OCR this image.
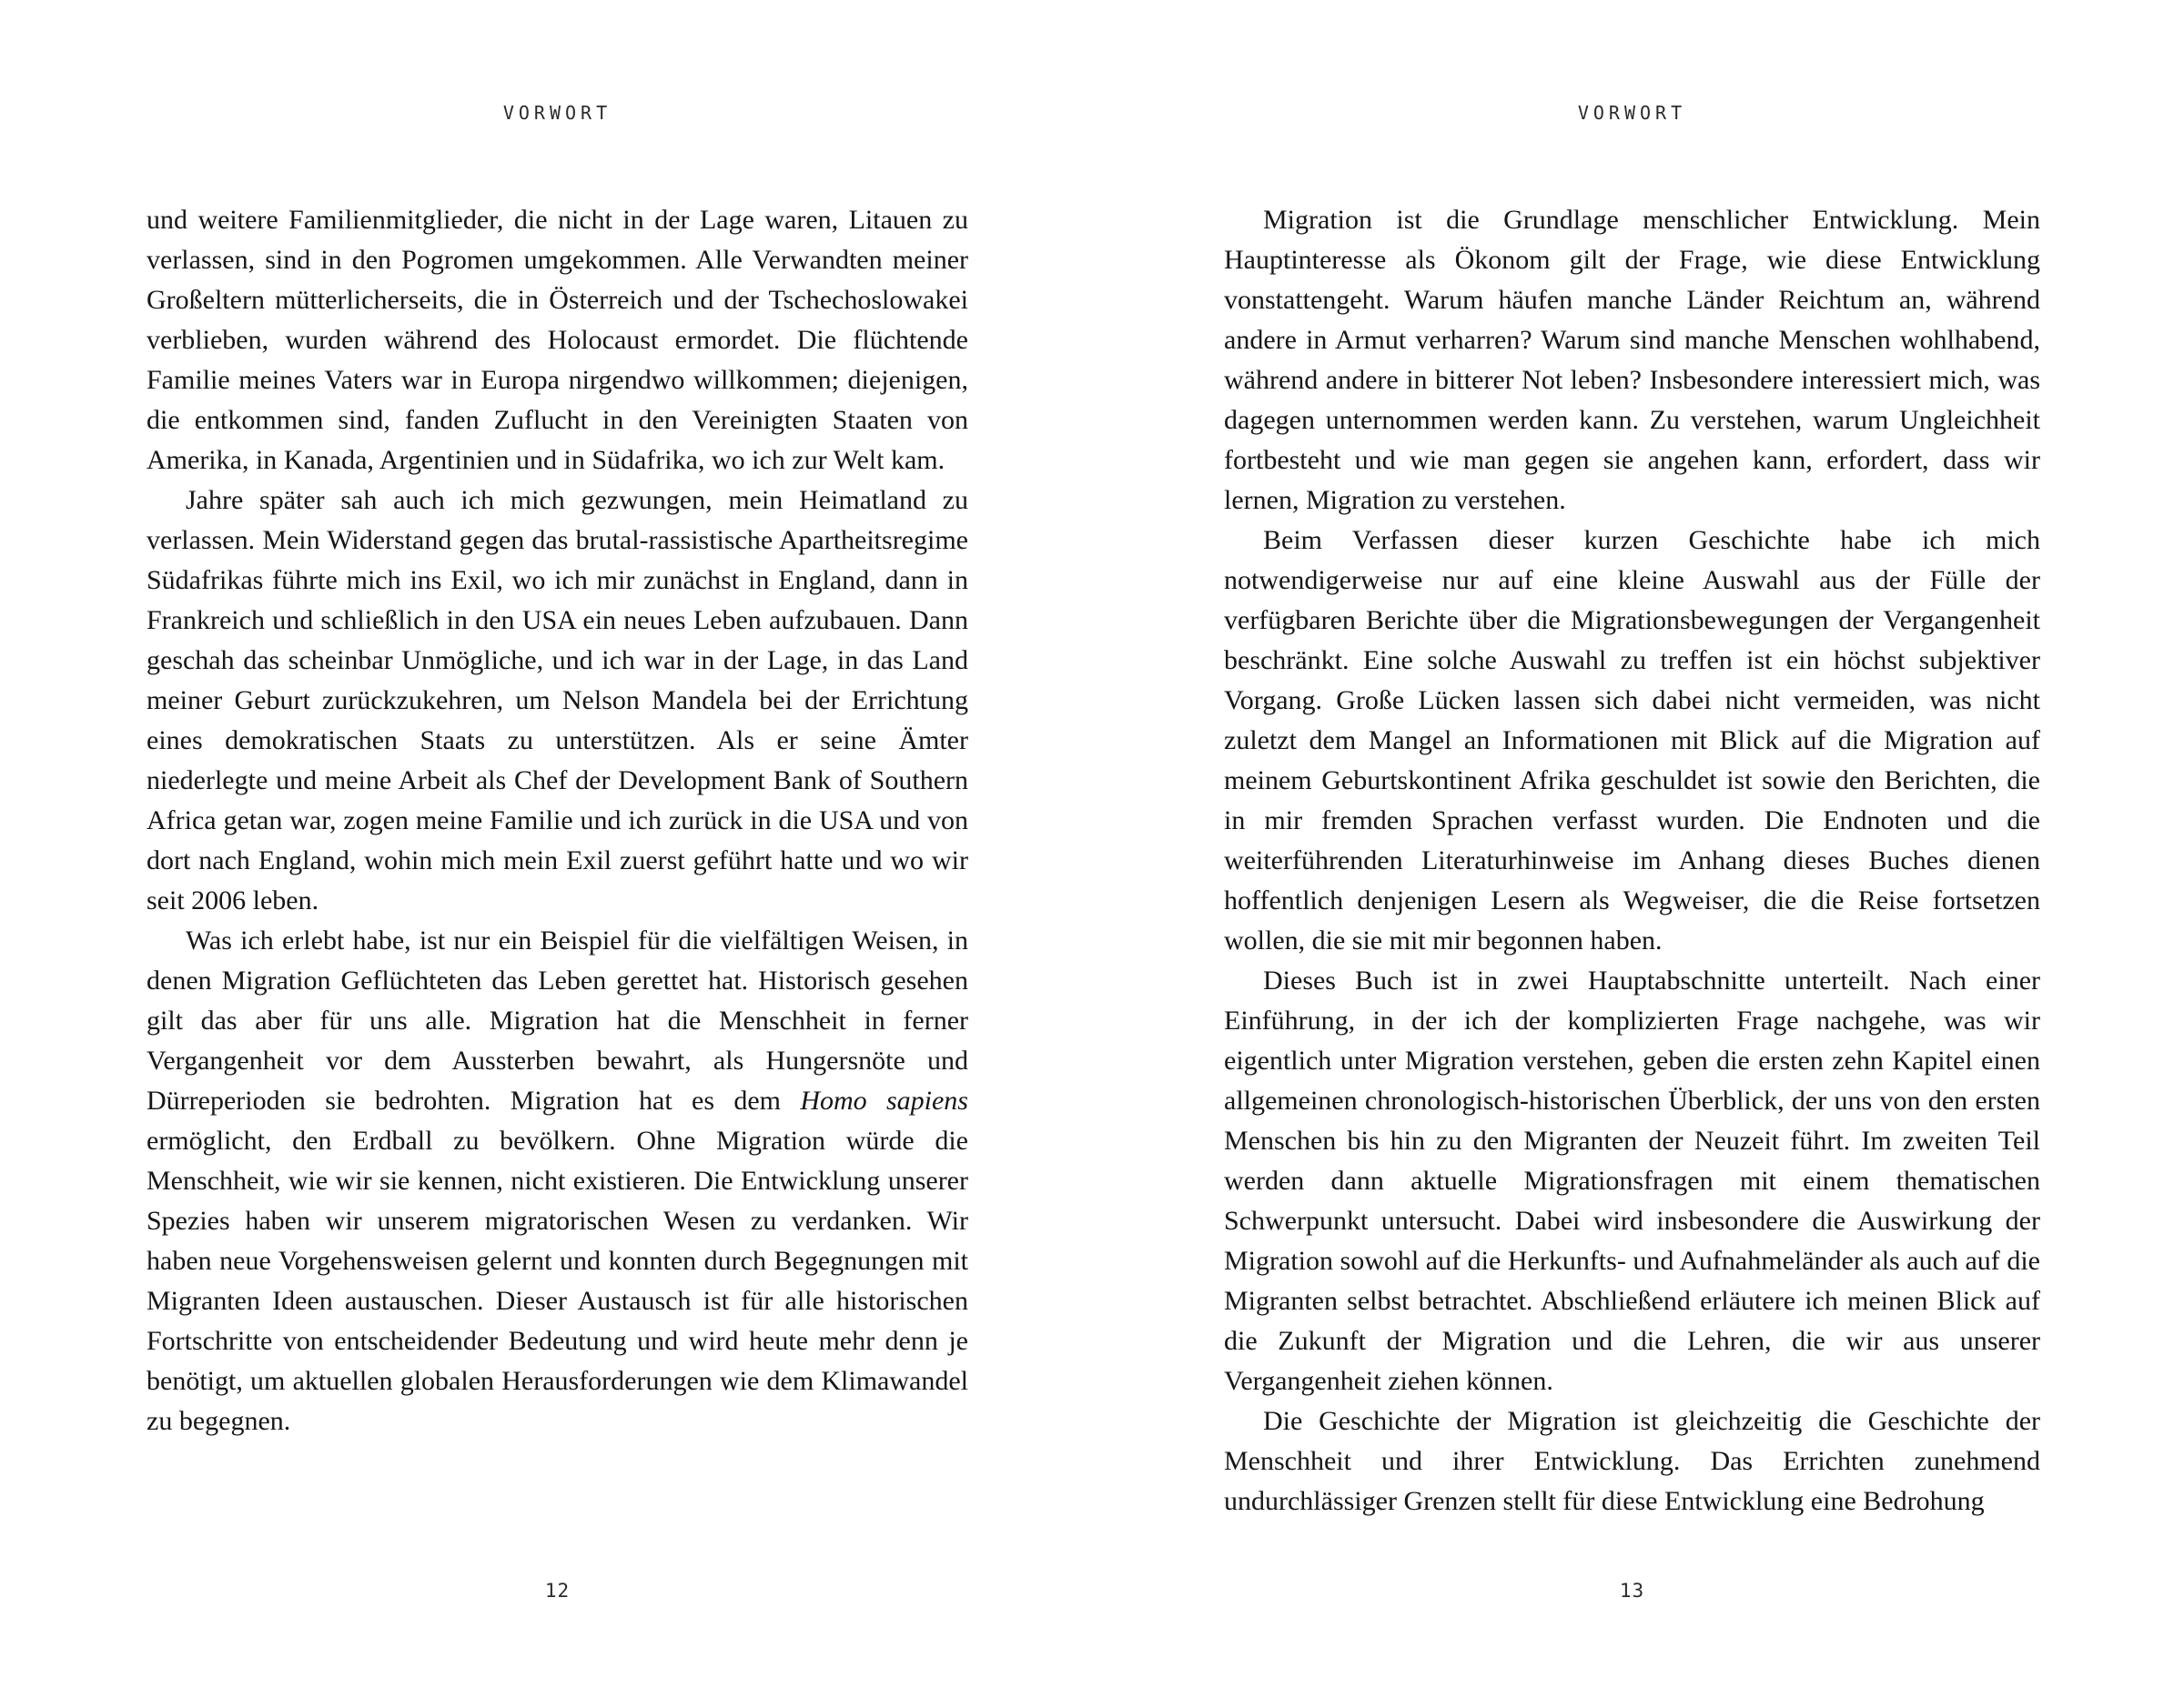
VORWORT

und weitere Familienmitglieder, die nicht in der Lage waren, Litauen zu verlassen, sind in den Pogromen umgekommen. Alle Verwandten meiner Großeltern mütterlicherseits, die in Österreich und der Tschechoslowakei verblieben, wurden während des Holocaust ermordet. Die flüchtende Familie meines Vaters war in Europa nirgendwo willkommen; diejenigen, die entkommen sind, fanden Zuflucht in den Vereinigten Staaten von Amerika, in Kanada, Argentinien und in Südafrika, wo ich zur Welt kam.

Jahre später sah auch ich mich gezwungen, mein Heimatland zu verlassen. Mein Widerstand gegen das brutal-rassistische Apartheitsregime Südafrikas führte mich ins Exil, wo ich mir zunächst in England, dann in Frankreich und schließlich in den USA ein neues Leben aufzubauen. Dann geschah das scheinbar Unmögliche, und ich war in der Lage, in das Land meiner Geburt zurückzukehren, um Nelson Mandela bei der Errichtung eines demokratischen Staats zu unterstützen. Als er seine Ämter niederlegte und meine Arbeit als Chef der Development Bank of Southern Africa getan war, zogen meine Familie und ich zurück in die USA und von dort nach England, wohin mich mein Exil zuerst geführt hatte und wo wir seit 2006 leben.

Was ich erlebt habe, ist nur ein Beispiel für die vielfältigen Weisen, in denen Migration Geflüchteten das Leben gerettet hat. Historisch gesehen gilt das aber für uns alle. Migration hat die Menschheit in ferner Vergangenheit vor dem Aussterben bewahrt, als Hungersnöte und Dürreperioden sie bedrohten. Migration hat es dem Homo sapiens ermöglicht, den Erdball zu bevölkern. Ohne Migration würde die Menschheit, wie wir sie kennen, nicht existieren. Die Entwicklung unserer Spezies haben wir unserem migratorischen Wesen zu verdanken. Wir haben neue Vorgehensweisen gelernt und konnten durch Begegnungen mit Migranten Ideen austauschen. Dieser Austausch ist für alle historischen Fortschritte von entscheidender Bedeutung und wird heute mehr denn je benötigt, um aktuellen globalen Herausforderungen wie dem Klimawandel zu begegnen.

12
VORWORT

Migration ist die Grundlage menschlicher Entwicklung. Mein Hauptinteresse als Ökonom gilt der Frage, wie diese Entwicklung vonstattengeht. Warum häufen manche Länder Reichtum an, während andere in Armut verharren? Warum sind manche Menschen wohlhabend, während andere in bitterer Not leben? Insbesondere interessiert mich, was dagegen unternommen werden kann. Zu verstehen, warum Ungleichheit fortbesteht und wie man gegen sie angehen kann, erfordert, dass wir lernen, Migration zu verstehen.

Beim Verfassen dieser kurzen Geschichte habe ich mich notwendigerweise nur auf eine kleine Auswahl aus der Fülle der verfügbaren Berichte über die Migrationsbewegungen der Vergangenheit beschränkt. Eine solche Auswahl zu treffen ist ein höchst subjektiver Vorgang. Große Lücken lassen sich dabei nicht vermeiden, was nicht zuletzt dem Mangel an Informationen mit Blick auf die Migration auf meinem Geburtskontinent Afrika geschuldet ist sowie den Berichten, die in mir fremden Sprachen verfasst wurden. Die Endnoten und die weiterführenden Literaturhinweise im Anhang dieses Buches dienen hoffentlich denjenigen Lesern als Wegweiser, die die Reise fortsetzen wollen, die sie mit mir begonnen haben.

Dieses Buch ist in zwei Hauptabschnitte unterteilt. Nach einer Einführung, in der ich der komplizierten Frage nachgehe, was wir eigentlich unter Migration verstehen, geben die ersten zehn Kapitel einen allgemeinen chronologisch-historischen Überblick, der uns von den ersten Menschen bis hin zu den Migranten der Neuzeit führt. Im zweiten Teil werden dann aktuelle Migrationsfragen mit einem thematischen Schwerpunkt untersucht. Dabei wird insbesondere die Auswirkung der Migration sowohl auf die Herkunfts- und Aufnahmeländer als auch auf die Migranten selbst betrachtet. Abschließend erläutere ich meinen Blick auf die Zukunft der Migration und die Lehren, die wir aus unserer Vergangenheit ziehen können.

Die Geschichte der Migration ist gleichzeitig die Geschichte der Menschheit und ihrer Entwicklung. Das Errichten zunehmend undurchlässiger Grenzen stellt für diese Entwicklung eine Bedrohung

13
